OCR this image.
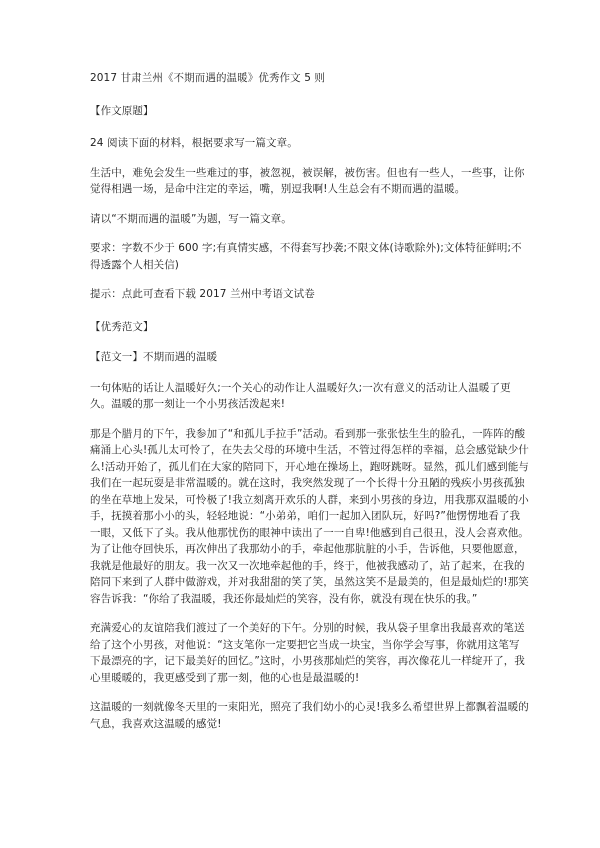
2017 甘肃兰州《不期而遇的温暖》优秀作文 5 则

【作文原题】

24 阅读下面的材料，根据要求写一篇文章。

生活中，难免会发生一些难过的事，被忽视，被误解，被伤害。但也有一些人，一些事，让你觉得相遇一场，是命中注定的幸运，嘴，别逗我啊!人生总会有不期而遇的温暖。

请以“不期而遇的温暖”为题，写一篇文章。

要求：字数不少于 600 字;有真情实感，不得套写抄袭;不限文体(诗歌除外);文体特征鲜明;不得透露个人相关信)

提示：点此可查看下载 2017 兰州中考语文试卷

【优秀范文】

【范文一】不期而遇的温暖

一句体贴的话让人温暖好久;一个关心的动作让人温暖好久;一次有意义的活动让人温暖了更久。温暖的那一刻让一个小男孩活泼起来!

那是个腊月的下午，我参加了“和孤儿手拉手”活动。看到那一张张怯生生的脸孔，一阵阵的酸痛涌上心头!孤儿太可怜了，在失去父母的环境中生活，不管过得怎样的幸福，总会感觉缺少什么!活动开始了，孤儿们在大家的陪同下，开心地在操场上，跑呀跳呀。显然，孤儿们感到能与我们在一起玩耍是非常温暖的。就在这时，我突然发现了一个长得十分丑陋的残疾小男孩孤独的坐在草地上发呆，可怜极了!我立刻离开欢乐的人群，来到小男孩的身边，用我那双温暖的小手，抚摸着那小小的头，轻轻地说：“小弟弟，咱们一起加入团队玩，好吗?”他愣愣地看了我一眼，又低下了头。我从他那忧伤的眼神中读出了一一自卑!他感到自己很丑，没人会喜欢他。为了让他夺回快乐，再次伸出了我那幼小的手，牵起他那肮脏的小手，告诉他，只要他愿意，我就是他最好的朋友。我一次又一次地牵起他的手，终于，他被我感动了，站了起来，在我的陪同下来到了人群中做游戏，并对我甜甜的笑了笑，虽然这笑不是最美的，但是最灿烂的!那笑容告诉我：“你给了我温暖，我还你最灿烂的笑容，没有你，就没有现在快乐的我。”

充满爱心的友谊陪我们渡过了一个美好的下午。分别的时候，我从袋子里拿出我最喜欢的笔送给了这个小男孩，对他说：“这支笔你一定要把它当成一块宝，当你学会写事，你就用这笔写下最漂亮的字，记下最美好的回忆。”这时，小男孩那灿烂的笑容，再次像花儿一样绽开了，我心里暖暖的，我更感受到了那一刻，他的心也是最温暖的!

这温暖的一刻就像冬天里的一束阳光，照亮了我们幼小的心灵!我多么希望世界上都飘着温暖的气息，我喜欢这温暖的感觉!
